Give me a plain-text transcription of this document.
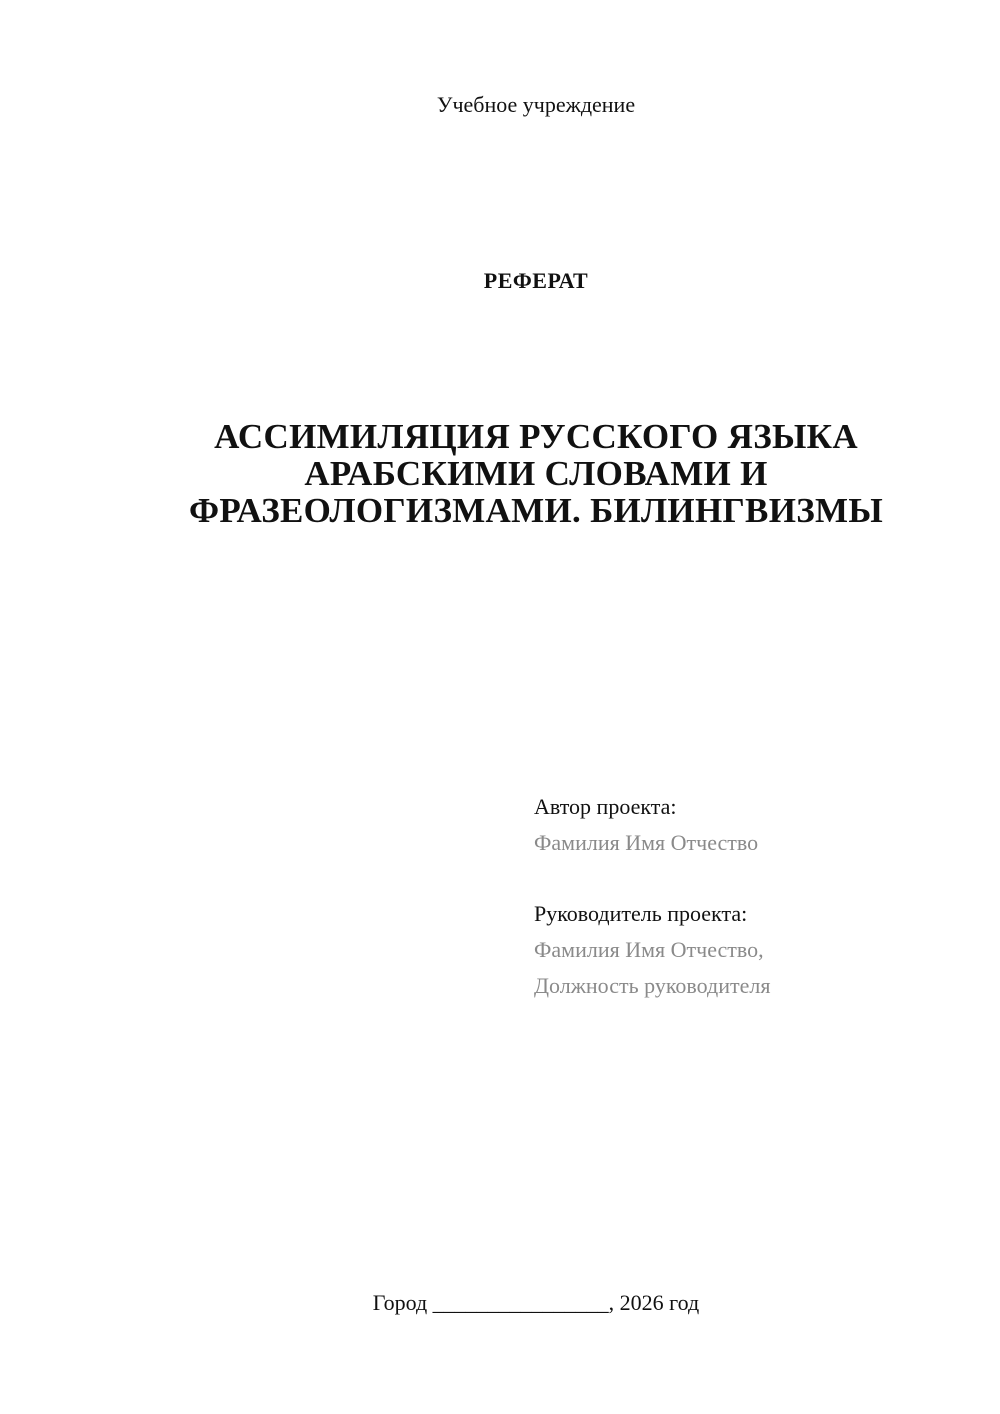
Учебное учреждение
РЕФЕРАТ
АССИМИЛЯЦИЯ РУССКОГО ЯЗЫКА
АРАБСКИМИ СЛОВАМИ И
ФРАЗЕОЛОГИЗМАМИ. БИЛИНГВИЗМЫ
Автор проекта:
Фамилия Имя Отчество
Руководитель проекта:
Фамилия Имя Отчество,
Должность руководителя
Город ________________, 2026 год
